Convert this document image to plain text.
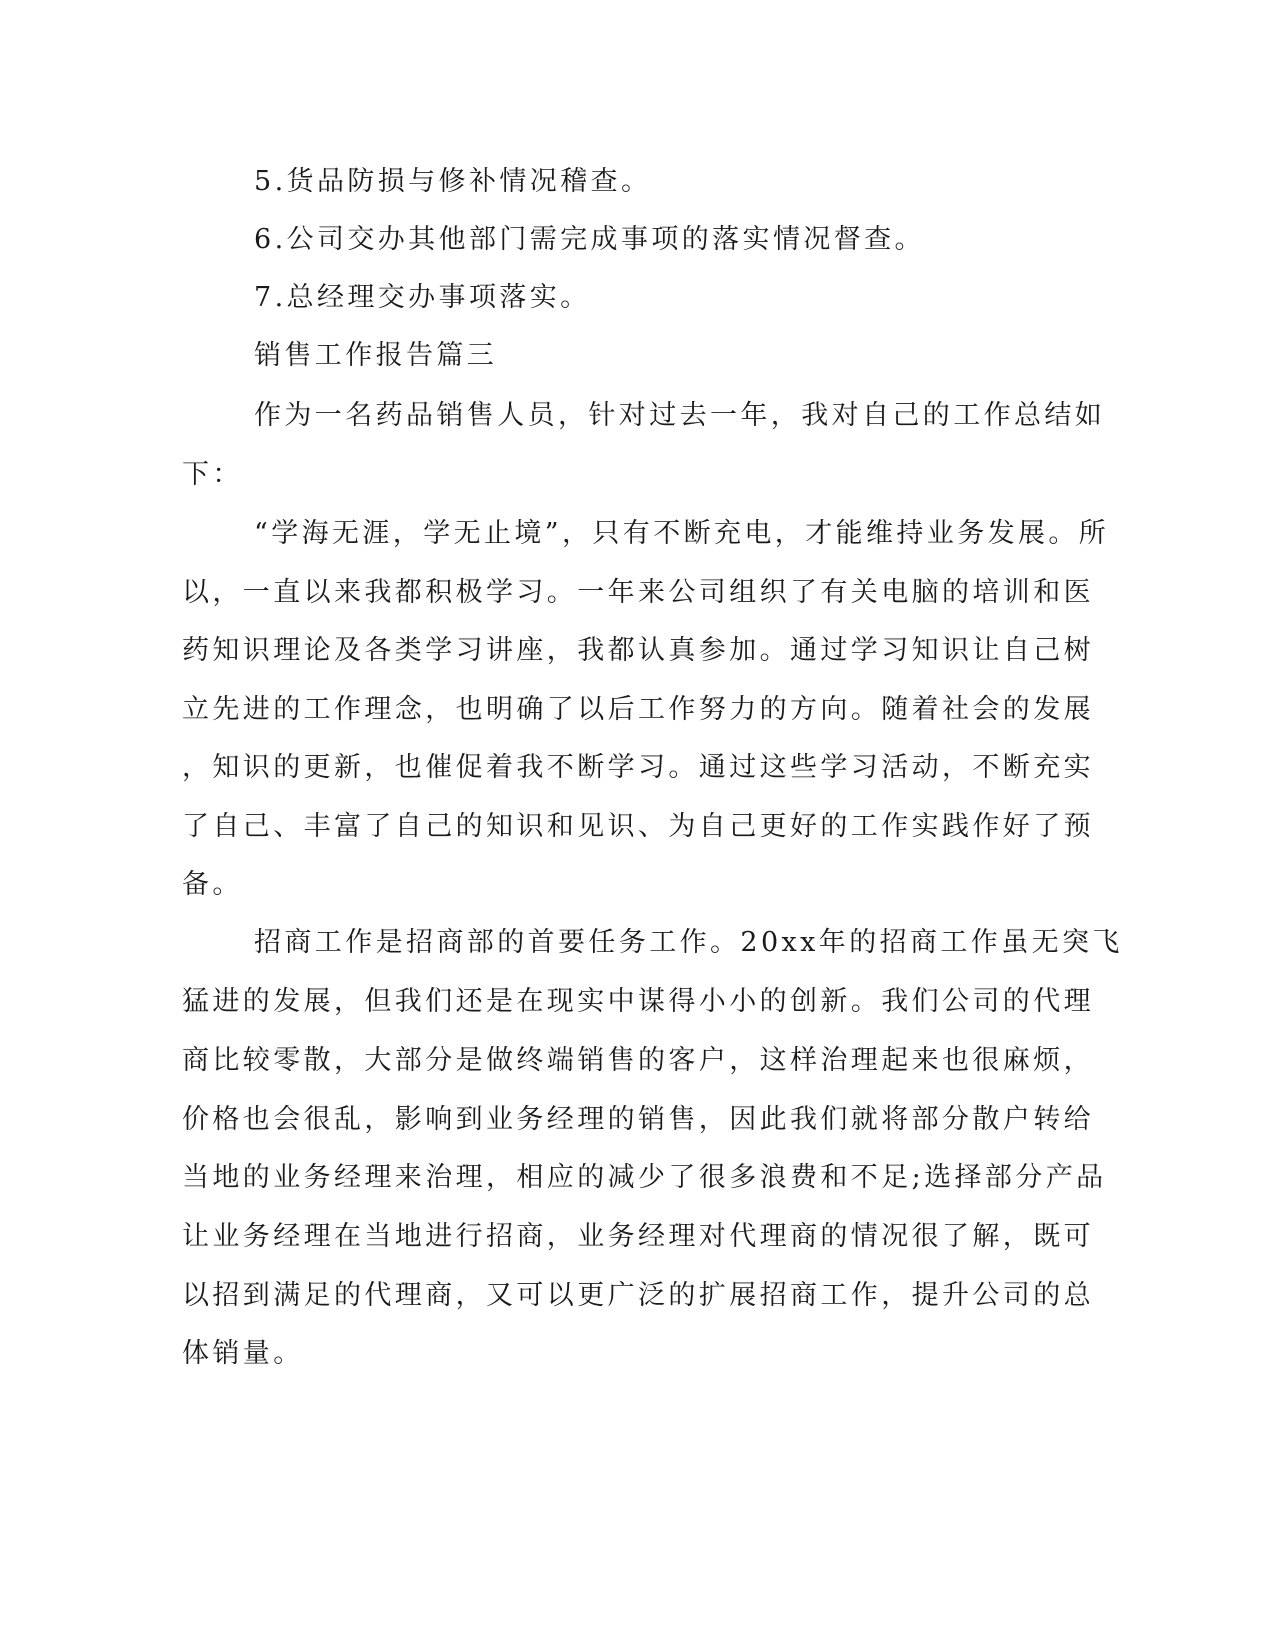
5.货品防损与修补情况稽查。
6.公司交办其他部门需完成事项的落实情况督查。
7.总经理交办事项落实。
销售工作报告篇三
作为一名药品销售人员，针对过去一年，我对自己的工作总结如
下：
“学海无涯，学无止境”，只有不断充电，才能维持业务发展。所
以，一直以来我都积极学习。一年来公司组织了有关电脑的培训和医
药知识理论及各类学习讲座，我都认真参加。通过学习知识让自己树
立先进的工作理念，也明确了以后工作努力的方向。随着社会的发展
，知识的更新，也催促着我不断学习。通过这些学习活动，不断充实
了自己、丰富了自己的知识和见识、为自己更好的工作实践作好了预
备。
招商工作是招商部的首要任务工作。20xx年的招商工作虽无突飞
猛进的发展，但我们还是在现实中谋得小小的创新。我们公司的代理
商比较零散，大部分是做终端销售的客户，这样治理起来也很麻烦，
价格也会很乱，影响到业务经理的销售，因此我们就将部分散户转给
当地的业务经理来治理，相应的减少了很多浪费和不足;选择部分产品
让业务经理在当地进行招商，业务经理对代理商的情况很了解，既可
以招到满足的代理商，又可以更广泛的扩展招商工作，提升公司的总
体销量。
